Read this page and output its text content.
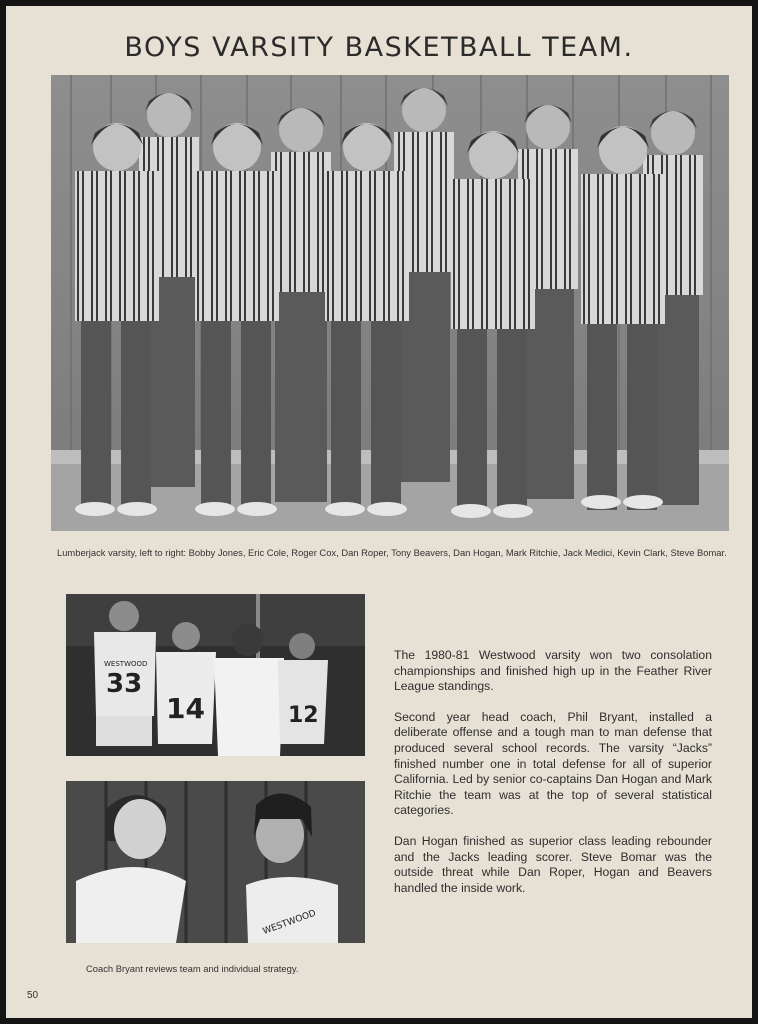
BOYS VARSITY BASKETBALL TEAM.

Lumberjack varsity, left to right: Bobby Jones, Eric Cole, Roger Cox, Dan Roper, Tony Beavers, Dan Hogan, Mark Ritchie, Jack Medici, Kevin Clark, Steve Bomar.

WESTWOOD
33
14	12
WESTWOOD

The 1980-81 Westwood varsity won two consolation championships and finished high up in the Feather River League standings.

Second year head coach, Phil Bryant, installed a deliberate offense and a tough man to man defense that produced several school records. The varsity “Jacks” finished number one in total defense for all of superior California. Led by senior co-captains Dan Hogan and Mark Ritchie the team was at the top of several statistical categories.

Dan Hogan finished as superior class leading rebounder and the Jacks leading scorer. Steve Bomar was the outside threat while Dan Roper, Hogan and Beavers handled the inside work.

Coach Bryant reviews team and individual strategy.

50
